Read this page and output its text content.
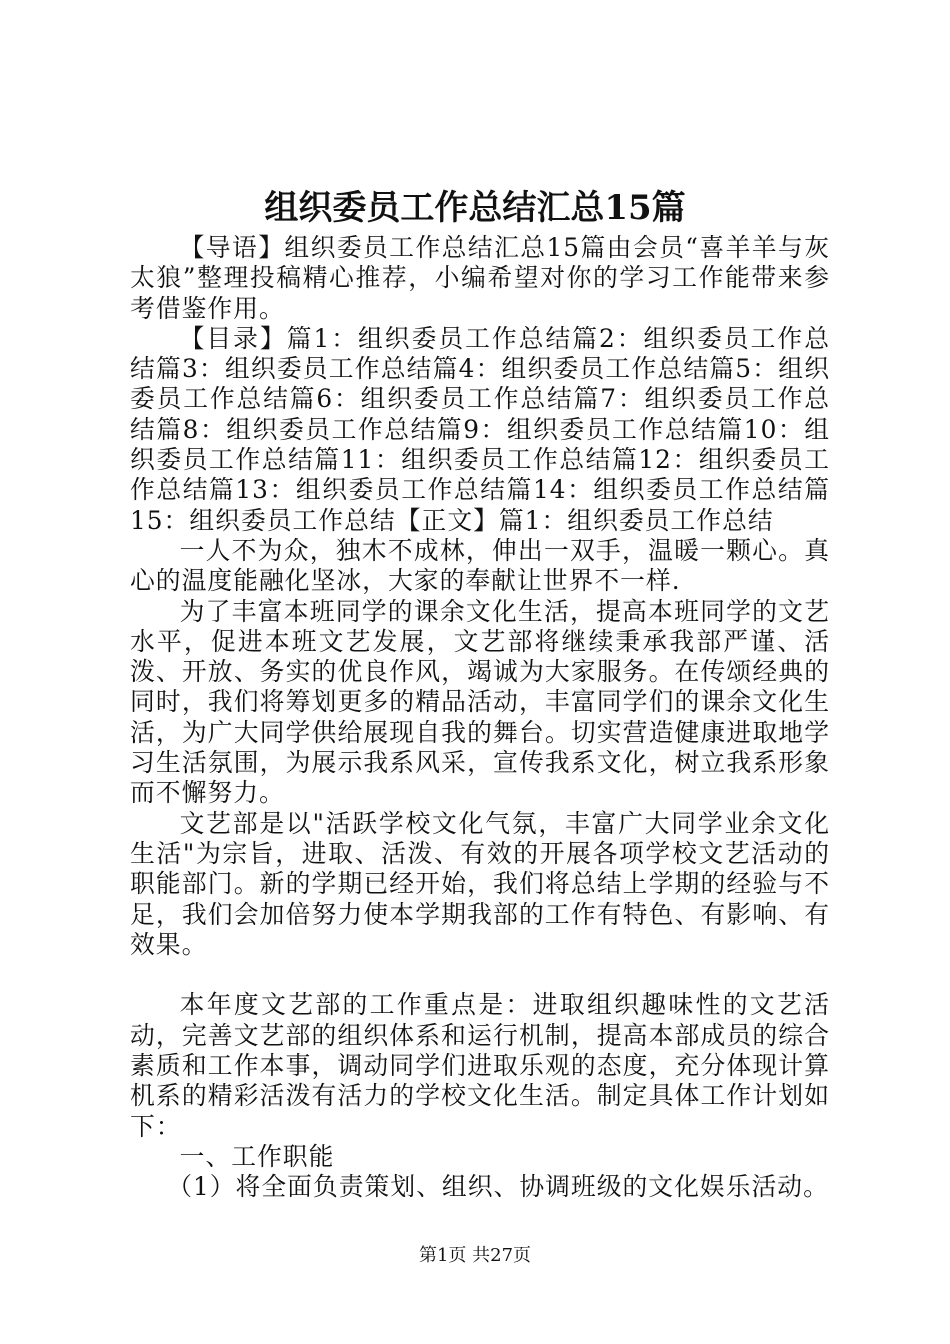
组织委员工作总结汇总15篇

【导语】组织委员工作总结汇总15篇由会员“喜羊羊与灰太狼”整理投稿精心推荐，小编希望对你的学习工作能带来参考借鉴作用。

【目录】篇1：组织委员工作总结篇2：组织委员工作总结篇3：组织委员工作总结篇4：组织委员工作总结篇5：组织委员工作总结篇6：组织委员工作总结篇7：组织委员工作总结篇8：组织委员工作总结篇9：组织委员工作总结篇10：组织委员工作总结篇11：组织委员工作总结篇12：组织委员工作总结篇13：组织委员工作总结篇14：组织委员工作总结篇15：组织委员工作总结【正文】篇1：组织委员工作总结

一人不为众，独木不成林，伸出一双手，温暖一颗心。真心的温度能融化坚冰，大家的奉献让世界不一样.

为了丰富本班同学的课余文化生活，提高本班同学的文艺水平，促进本班文艺发展，文艺部将继续秉承我部严谨、活泼、开放、务实的优良作风，竭诚为大家服务。在传颂经典的同时，我们将筹划更多的精品活动，丰富同学们的课余文化生活，为广大同学供给展现自我的舞台。切实营造健康进取地学习生活氛围，为展示我系风采，宣传我系文化，树立我系形象而不懈努力。

文艺部是以"活跃学校文化气氛，丰富广大同学业余文化生活"为宗旨，进取、活泼、有效的开展各项学校文艺活动的职能部门。新的学期已经开始，我们将总结上学期的经验与不足，我们会加倍努力使本学期我部的工作有特色、有影响、有效果。

本年度文艺部的工作重点是：进取组织趣味性的文艺活动，完善文艺部的组织体系和运行机制，提高本部成员的综合素质和工作本事，调动同学们进取乐观的态度，充分体现计算机系的精彩活泼有活力的学校文化生活。制定具体工作计划如下：

一、工作职能

（1）将全面负责策划、组织、协调班级的文化娱乐活动。

第1页 共27页
